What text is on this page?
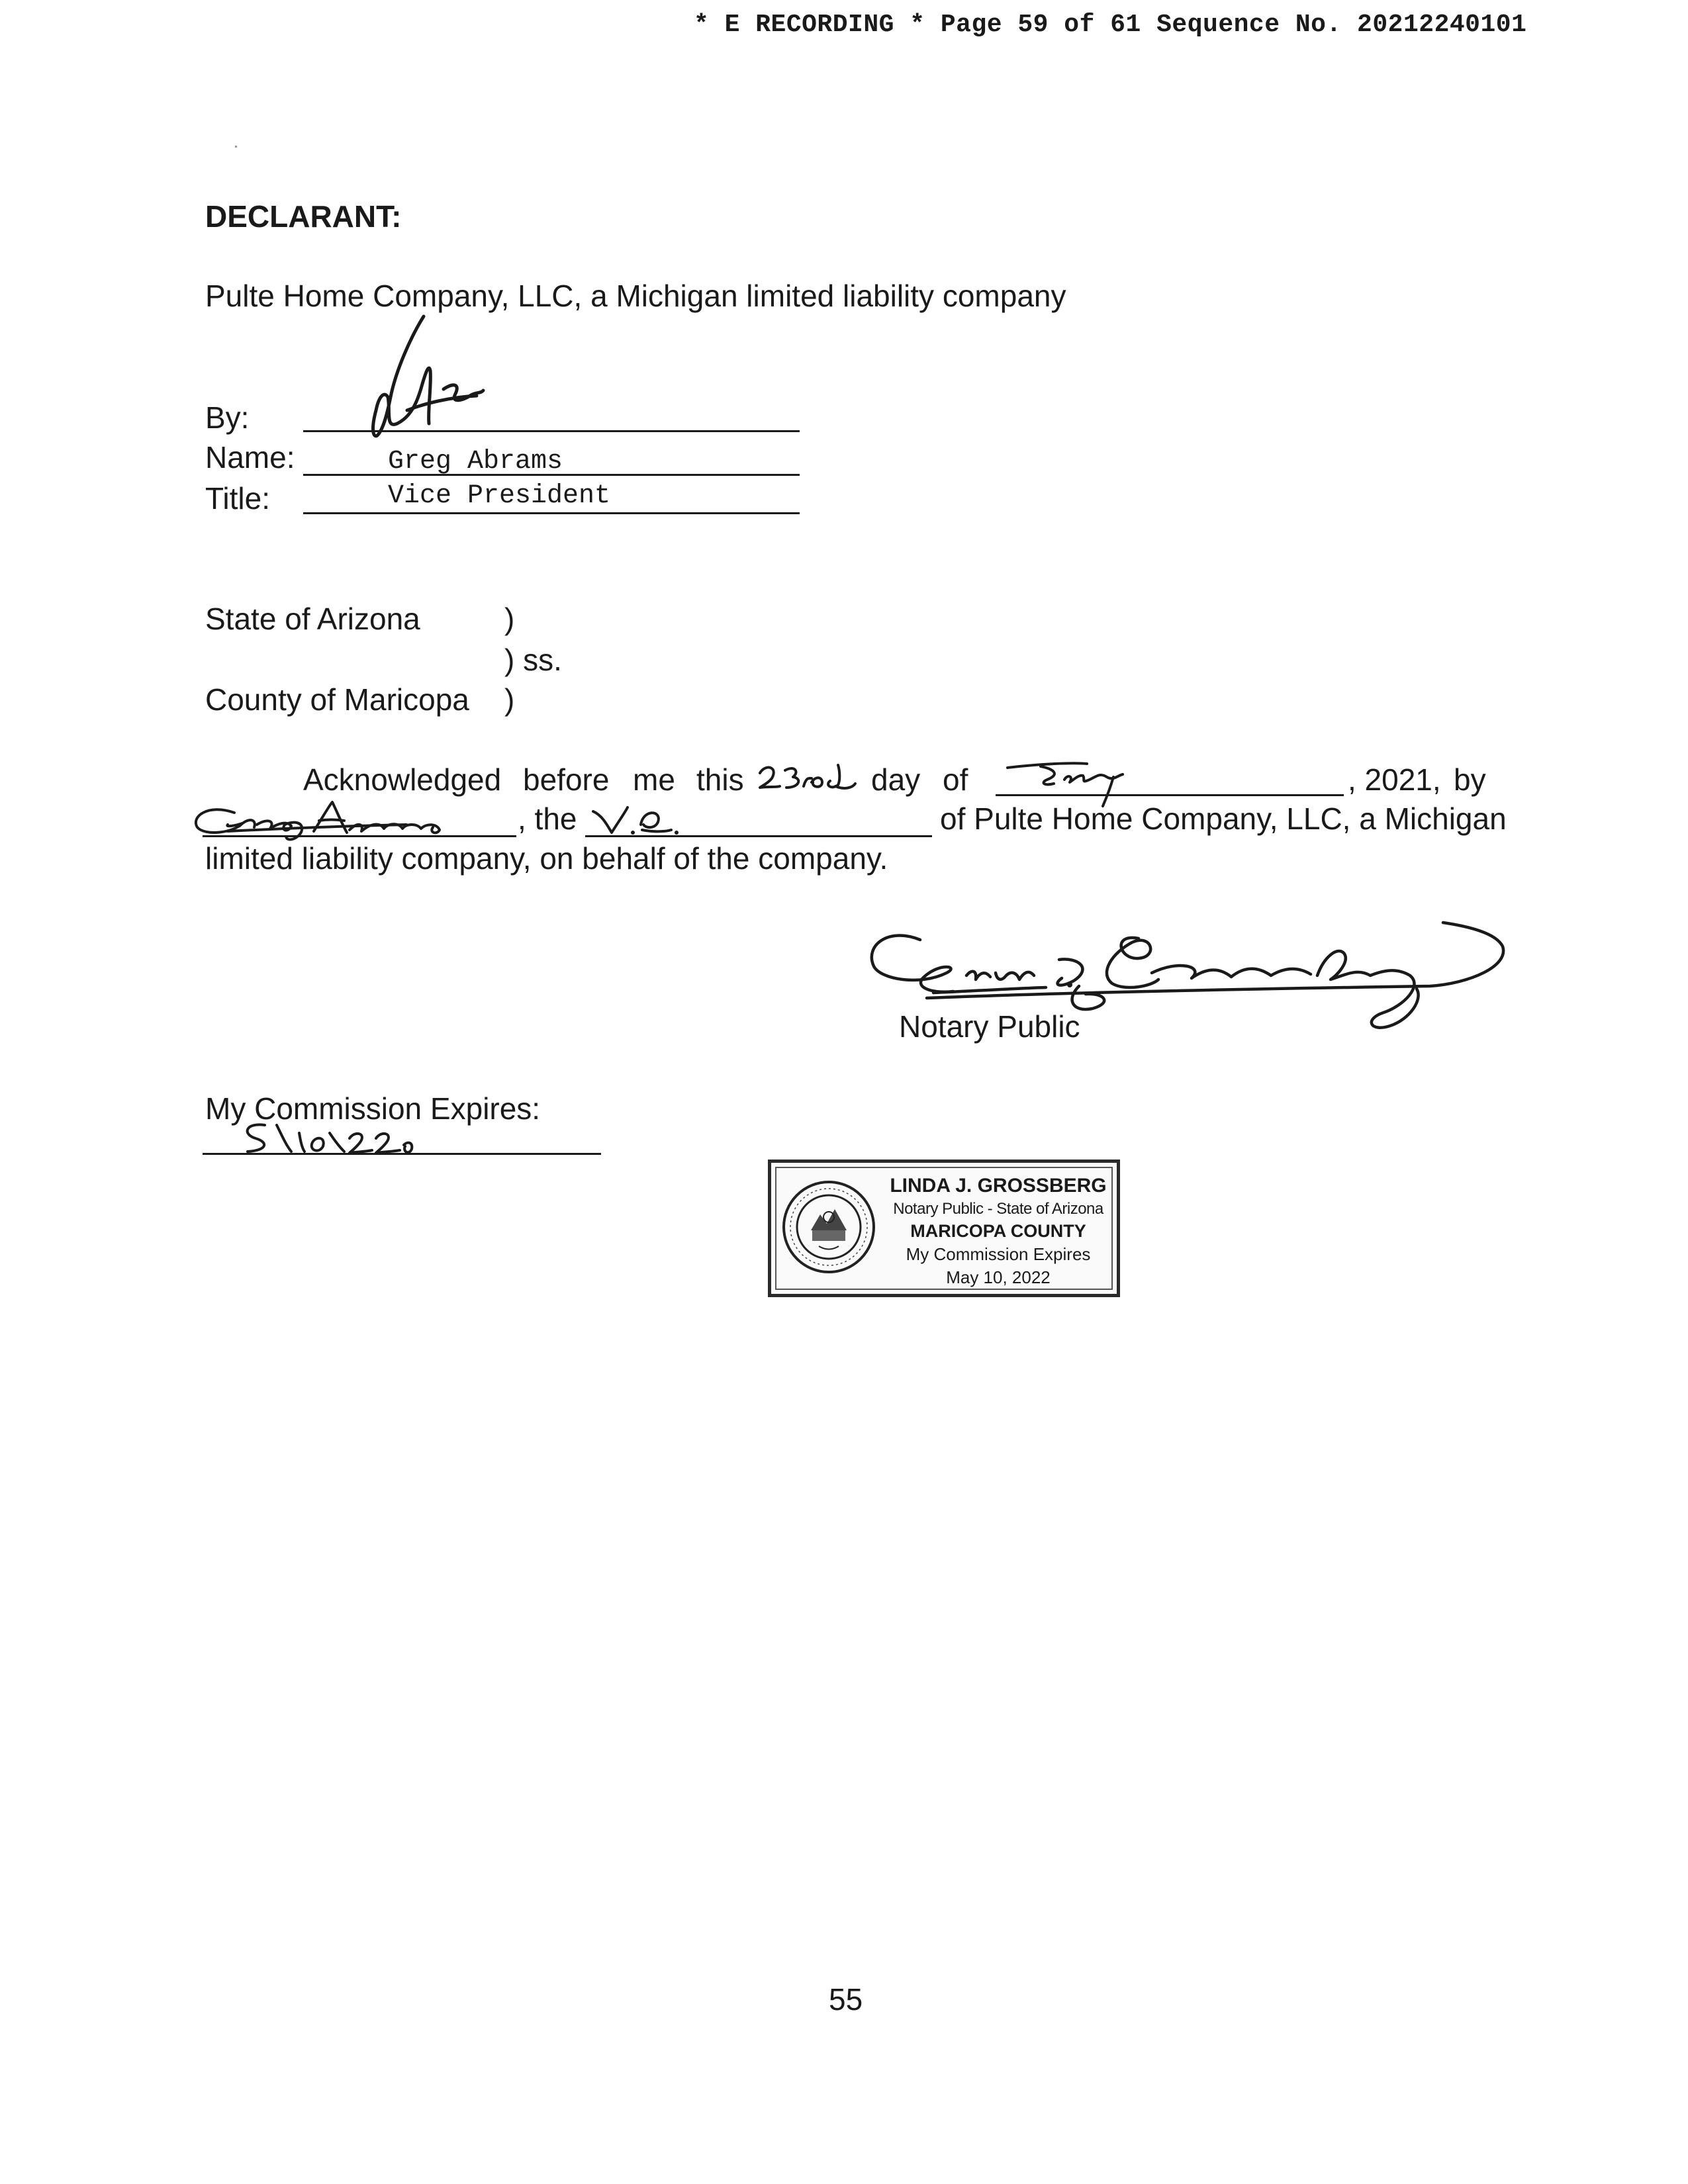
* E RECORDING * Page 59 of 61 Sequence No. 20212240101
DECLARANT:
Pulte Home Company, LLC, a Michigan limited liability company
By:
Name:	Greg Abrams
Title:	Vice President
State of Arizona	)
) ss.
County of Maricopa )
Acknowledged before me this	day of	, 2021, by
, the	of Pulte Home Company, LLC, a Michigan
limited liability company, on behalf of the company.
Notary Public
My Commission Expires:
LINDA J. GROSSBERG
Notary Public - State of Arizona
MARICOPA COUNTY
My Commission Expires
May 10, 2022
55
